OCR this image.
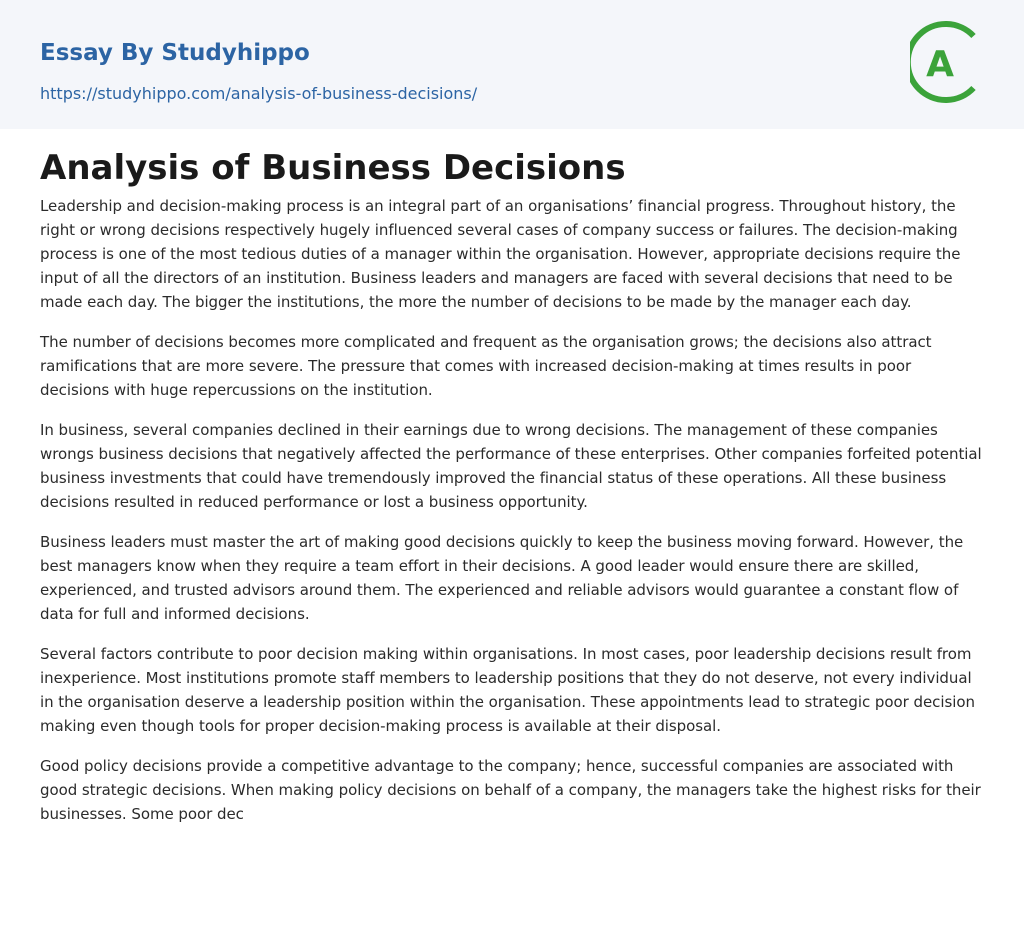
Essay By Studyhippo
https://studyhippo.com/analysis-of-business-decisions/
A
Analysis of Business Decisions

Leadership and decision-making process is an integral part of an organisations’ financial progress. Throughout history, the right or wrong decisions respectively hugely influenced several cases of company success or failures. The decision-making process is one of the most tedious duties of a manager within the organisation. However, appropriate decisions require the input of all the directors of an institution. Business leaders and managers are faced with several decisions that need to be made each day. The bigger the institutions, the more the number of decisions to be made by the manager each day.

The number of decisions becomes more complicated and frequent as the organisation grows; the decisions also attract ramifications that are more severe. The pressure that comes with increased decision-making at times results in poor decisions with huge repercussions on the institution.

In business, several companies declined in their earnings due to wrong decisions. The management of these companies wrongs business decisions that negatively affected the performance of these enterprises. Other companies forfeited potential business investments that could have tremendously improved the financial status of these operations. All these business decisions resulted in reduced performance or lost a business opportunity.

Business leaders must master the art of making good decisions quickly to keep the business moving forward. However, the best managers know when they require a team effort in their decisions. A good leader would ensure there are skilled, experienced, and trusted advisors around them. The experienced and reliable advisors would guarantee a constant flow of data for full and informed decisions.

Several factors contribute to poor decision making within organisations. In most cases, poor leadership decisions result from inexperience. Most institutions promote staff members to leadership positions that they do not deserve, not every individual in the organisation deserve a leadership position within the organisation. These appointments lead to strategic poor decision making even though tools for proper decision-making process is available at their disposal.

Good policy decisions provide a competitive advantage to the company; hence, successful companies are associated with good strategic decisions. When making policy decisions on behalf of a company, the managers take the highest risks for their businesses. Some poor dec
